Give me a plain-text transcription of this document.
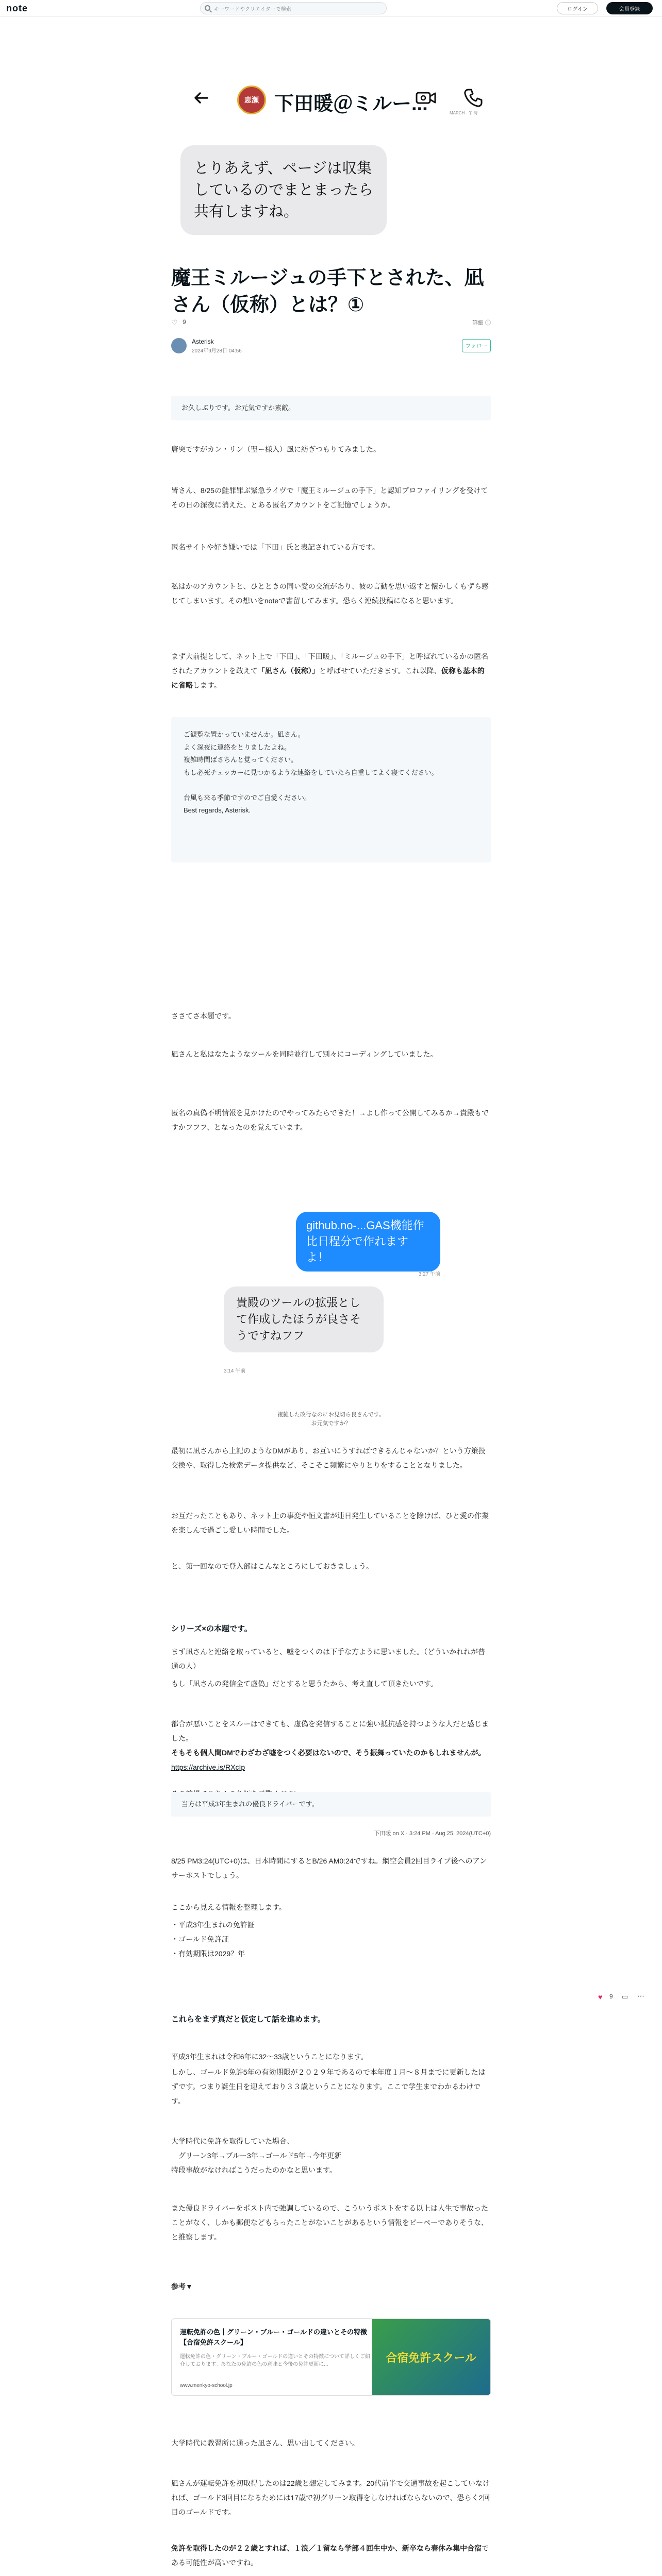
note	キーワードやクリエイターで検索	ログイン	会員登録
恵瀬 下田暖＠ミルー...	MARCH · 午 時
とりあえず、ページは収集しているのでまとまったら共有しますね。
魔王ミルージュの手下とされた、凪さん（仮称）とは？①
♡ 9	詳細 ⓘ
Asterisk
2024年9月28日 04:56
フォロー
お久しぶりです。お元気ですか素敵。

唐突ですがカン・リン（聖ー様入）風に紡ぎつもりてみました。

皆さん、8/25の鮭罪罪ぶ緊急ライヴで「魔王ミルージュの手下」と認知プロファイリングを受けてその日の深夜に消えた、とある匿名アカウントをご記憶でしょうか。

匿名サイトや好き嫌いでは「下田」氏と表記されている方です。

私はかのアカウントと、ひとときの同い愛の交流があり、彼の言動を思い返すと懐かしくもずら感じてしまいます。その想いをnoteで書留してみます。恐らく連続投稿になると思います。

まず大前提として、ネット上で「下田」、「下田暖」、「ミルージュの手下」と呼ばれているかの匿名されたアカウントを敢えて「凪さん（仮称）」と呼ばせていただきます。これ以降、仮称も基本的に省略します。

ご観覧な置かっていませんか。凪さん。
よく深夜に連絡をとりましたよね。
複雑時間ばさちんと覚ってください。
もし必死チェッカーに見つかるような連絡をしていたら自重してよく寝てください。
台風も来る季節ですのでご自愛ください。
Best regards, Asterisk.

ささてさ本題です。

凪さんと私はなたようなツールを同時並行して別々にコーディングしていました。

匿名の真偽不明情報を見かけたのでやってみたらできた！→よし作って公開してみるか→貴殿もですかフフフ、となったのを覚えています。

github.no-...GAS機能作比日程分で作れますよ！
3:27 午前
貴殿のツールの拡張として作成したほうが良さそうですねフフ
3:14 午前
複雑した改行なのにお見切ら良さんです。
お元気ですか？

最初に凪さんから上記のようなDMがあり、お互いにうすればできるんじゃないか？という方策投交換や、取得した検索データ提供など、そこそこ頻繁にやりとりをすることとなりました。

お互だったこともあり、ネット上の事変や恒文書が連日発生していることを除けば、ひと愛の作業を楽しんで過ごし愛しい時間でした。

と、第一回なので登入部はこんなところにしておきましょう。

シリーズ×の本題です。

まず凪さんと連絡を取っていると、嘘をつくのは下手な方ように思いました。（どういかれれが普通の人）

もし「凪さんの発信全て虚偽」だとすると思うたから、考え直して頂きたいです。

都合が悪いことをスルーはできても、虚偽を発信することに強い抵抗感を持つような人だと感じました。

そもそも個人間DMでわざわざ嘘をつく必要はないので、そう振舞っていたのかもしれませんが。

https://archive.is/RXcIp
当方は平成3年生まれの優良ドライバーです。
下田暖 on X · 3:24 PM · Aug 25, 2024(UTC+0)

8/25 PM3:24(UTC+0)は、日本時間にするとB/26 AM0:24ですね。網空会員2回目ライブ後へのアンサーポストでしょう。

ここから見える情報を整理します。

・平成3年生まれの免許証
・ゴールド免許証
・有効期限は2029？年
これらをまず真だと仮定して話を進めます。

平成3年生まれは令和6年に32～33歳ということになります。

しかし、ゴールド免許5年の有効期限が２０２９年であるので本年度１月～８月までに更新したはずです。つまり誕生日を迎えており３３歳ということになります。ここで学生までわかるわけです。

大学時代に免許を取得していた場合、

　グリーン3年→ブルー3年→ゴールド5年→今年更新

特段事故がなければこうだったのかなと思います。

また優良ドライバーをポスト内で強調しているので、こういうポストをする以上は人生で事故ったことがなく、しかも郵便などもらったことがないことがあるという情報をピーペーでありそうな、と推察します。

参考▼

運転免許の色｜グリーン・ブルー・ゴールドの違いとその特徴【合宿免許スクール】
運転免許の色・グリーン・ブルー・ゴールドの違いとその特徴について詳しくご紹介しております。あなたの免許の色の意味と今後の免許更新に...
www.menkyo-school.jp
合宿免許スクール

大学時代に教習所に通った凪さん、思い出してください。

凪さんが運転免許を初取得したのは22歳と想定してみます。20代前半で交通事故を起こしていなければ、ゴールド3回目になるためには17歳で初グリーン取得をしなければならないので、恐らく2回目のゴールドです。

免許を取得したのが２２歳とすれば、１浪／１留なら学部４回生中か、新卒なら春休み集中合宿である可能性が高いですね。

♥ 9 ▭ ⋯
